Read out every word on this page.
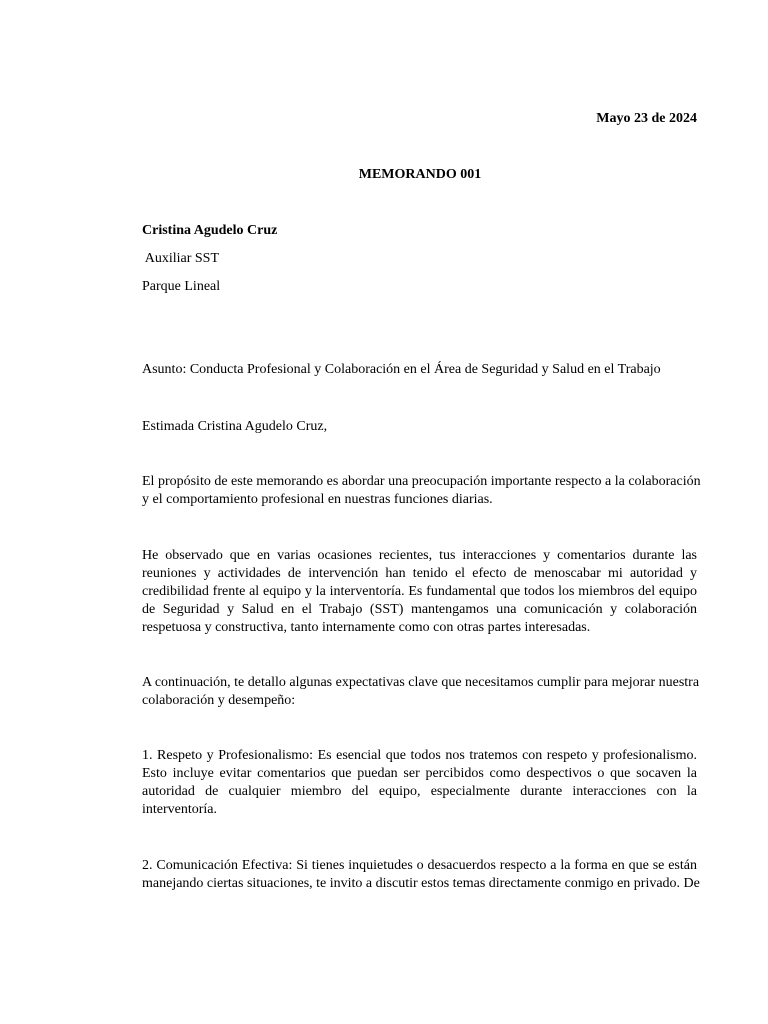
Mayo 23 de 2024
MEMORANDO 001
Cristina Agudelo Cruz
Auxiliar SST
Parque Lineal
Asunto: Conducta Profesional y Colaboración en el Área de Seguridad y Salud en el Trabajo
Estimada Cristina Agudelo Cruz,
El propósito de este memorando es abordar una preocupación importante respecto a la colaboración
y el comportamiento profesional en nuestras funciones diarias.
He observado que en varias ocasiones recientes, tus interacciones y comentarios durante las
reuniones y actividades de intervención han tenido el efecto de menoscabar mi autoridad y
credibilidad frente al equipo y la interventoría. Es fundamental que todos los miembros del equipo
de Seguridad y Salud en el Trabajo (SST) mantengamos una comunicación y colaboración
respetuosa y constructiva, tanto internamente como con otras partes interesadas.
A continuación, te detallo algunas expectativas clave que necesitamos cumplir para mejorar nuestra
colaboración y desempeño:
1. Respeto y Profesionalismo: Es esencial que todos nos tratemos con respeto y profesionalismo.
Esto incluye evitar comentarios que puedan ser percibidos como despectivos o que socaven la
autoridad de cualquier miembro del equipo, especialmente durante interacciones con la
interventoría.
2. Comunicación Efectiva: Si tienes inquietudes o desacuerdos respecto a la forma en que se están
manejando ciertas situaciones, te invito a discutir estos temas directamente conmigo en privado. De
